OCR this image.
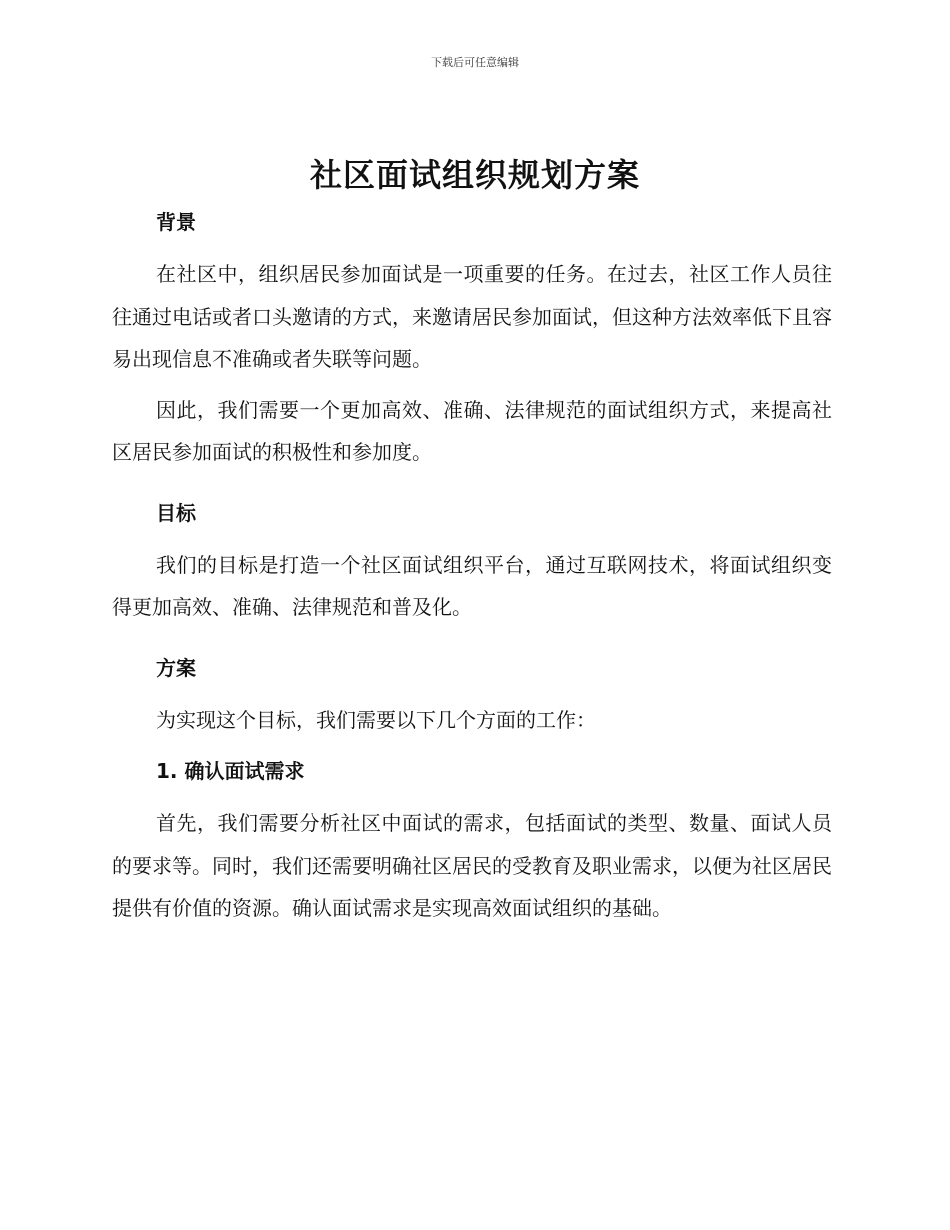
下载后可任意编辑
社区面试组织规划方案
背景

在社区中，组织居民参加面试是一项重要的任务。在过去，社区工作人员往往通过电话或者口头邀请的方式，来邀请居民参加面试，但这种方法效率低下且容易出现信息不准确或者失联等问题。

因此，我们需要一个更加高效、准确、法律规范的面试组织方式，来提高社区居民参加面试的积极性和参加度。

目标

我们的目标是打造一个社区面试组织平台，通过互联网技术，将面试组织变得更加高效、准确、法律规范和普及化。

方案

为实现这个目标，我们需要以下几个方面的工作：

1. 确认面试需求

首先，我们需要分析社区中面试的需求，包括面试的类型、数量、面试人员的要求等。同时，我们还需要明确社区居民的受教育及职业需求，以便为社区居民提供有价值的资源。确认面试需求是实现高效面试组织的基础。
